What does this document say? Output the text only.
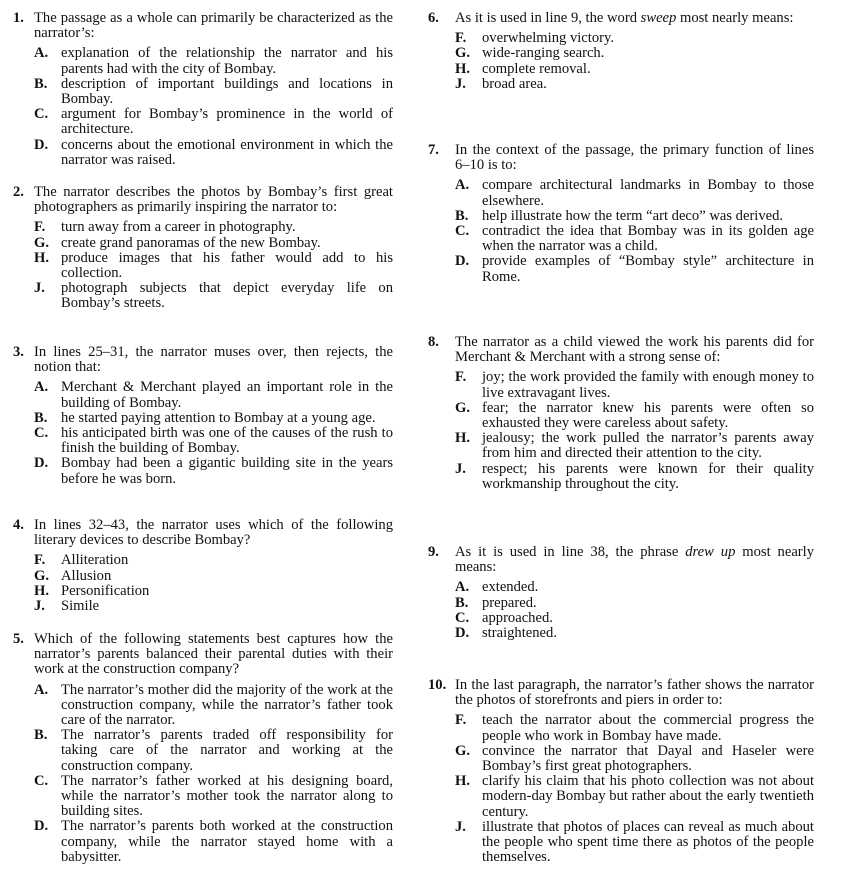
1. The passage as a whole can primarily be characterized as the narrator’s:
A. explanation of the relationship the narrator and his parents had with the city of Bombay.
B. description of important buildings and locations in Bombay.
C. argument for Bombay’s prominence in the world of architecture.
D. concerns about the emotional environment in which the narrator was raised.
2. The narrator describes the photos by Bombay’s first great photographers as primarily inspiring the narrator to:
F. turn away from a career in photography.
G. create grand panoramas of the new Bombay.
H. produce images that his father would add to his collection.
J. photograph subjects that depict everyday life on Bombay’s streets.
3. In lines 25–31, the narrator muses over, then rejects, the notion that:
A. Merchant & Merchant played an important role in the building of Bombay.
B. he started paying attention to Bombay at a young age.
C. his anticipated birth was one of the causes of the rush to finish the building of Bombay.
D. Bombay had been a gigantic building site in the years before he was born.
4. In lines 32–43, the narrator uses which of the following literary devices to describe Bombay?
F. Alliteration
G. Allusion
H. Personification
J. Simile
5. Which of the following statements best captures how the narrator’s parents balanced their parental duties with their work at the construction company?
A. The narrator’s mother did the majority of the work at the construction company, while the narrator’s father took care of the narrator.
B. The narrator’s parents traded off responsibility for taking care of the narrator and working at the construction company.
C. The narrator’s father worked at his designing board, while the narrator’s mother took the narrator along to building sites.
D. The narrator’s parents both worked at the construction company, while the narrator stayed home with a babysitter.
6. As it is used in line 9, the word sweep most nearly means:
F. overwhelming victory.
G. wide-ranging search.
H. complete removal.
J. broad area.
7. In the context of the passage, the primary function of lines 6–10 is to:
A. compare architectural landmarks in Bombay to those elsewhere.
B. help illustrate how the term “art deco” was derived.
C. contradict the idea that Bombay was in its golden age when the narrator was a child.
D. provide examples of “Bombay style” architecture in Rome.
8. The narrator as a child viewed the work his parents did for Merchant & Merchant with a strong sense of:
F. joy; the work provided the family with enough money to live extravagant lives.
G. fear; the narrator knew his parents were often so exhausted they were careless about safety.
H. jealousy; the work pulled the narrator’s parents away from him and directed their attention to the city.
J. respect; his parents were known for their quality workmanship throughout the city.
9. As it is used in line 38, the phrase drew up most nearly means:
A. extended.
B. prepared.
C. approached.
D. straightened.
10. In the last paragraph, the narrator’s father shows the narrator the photos of storefronts and piers in order to:
F. teach the narrator about the commercial progress the people who work in Bombay have made.
G. convince the narrator that Dayal and Haseler were Bombay’s first great photographers.
H. clarify his claim that his photo collection was not about modern-day Bombay but rather about the early twentieth century.
J. illustrate that photos of places can reveal as much about the people who spent time there as photos of the people themselves.
